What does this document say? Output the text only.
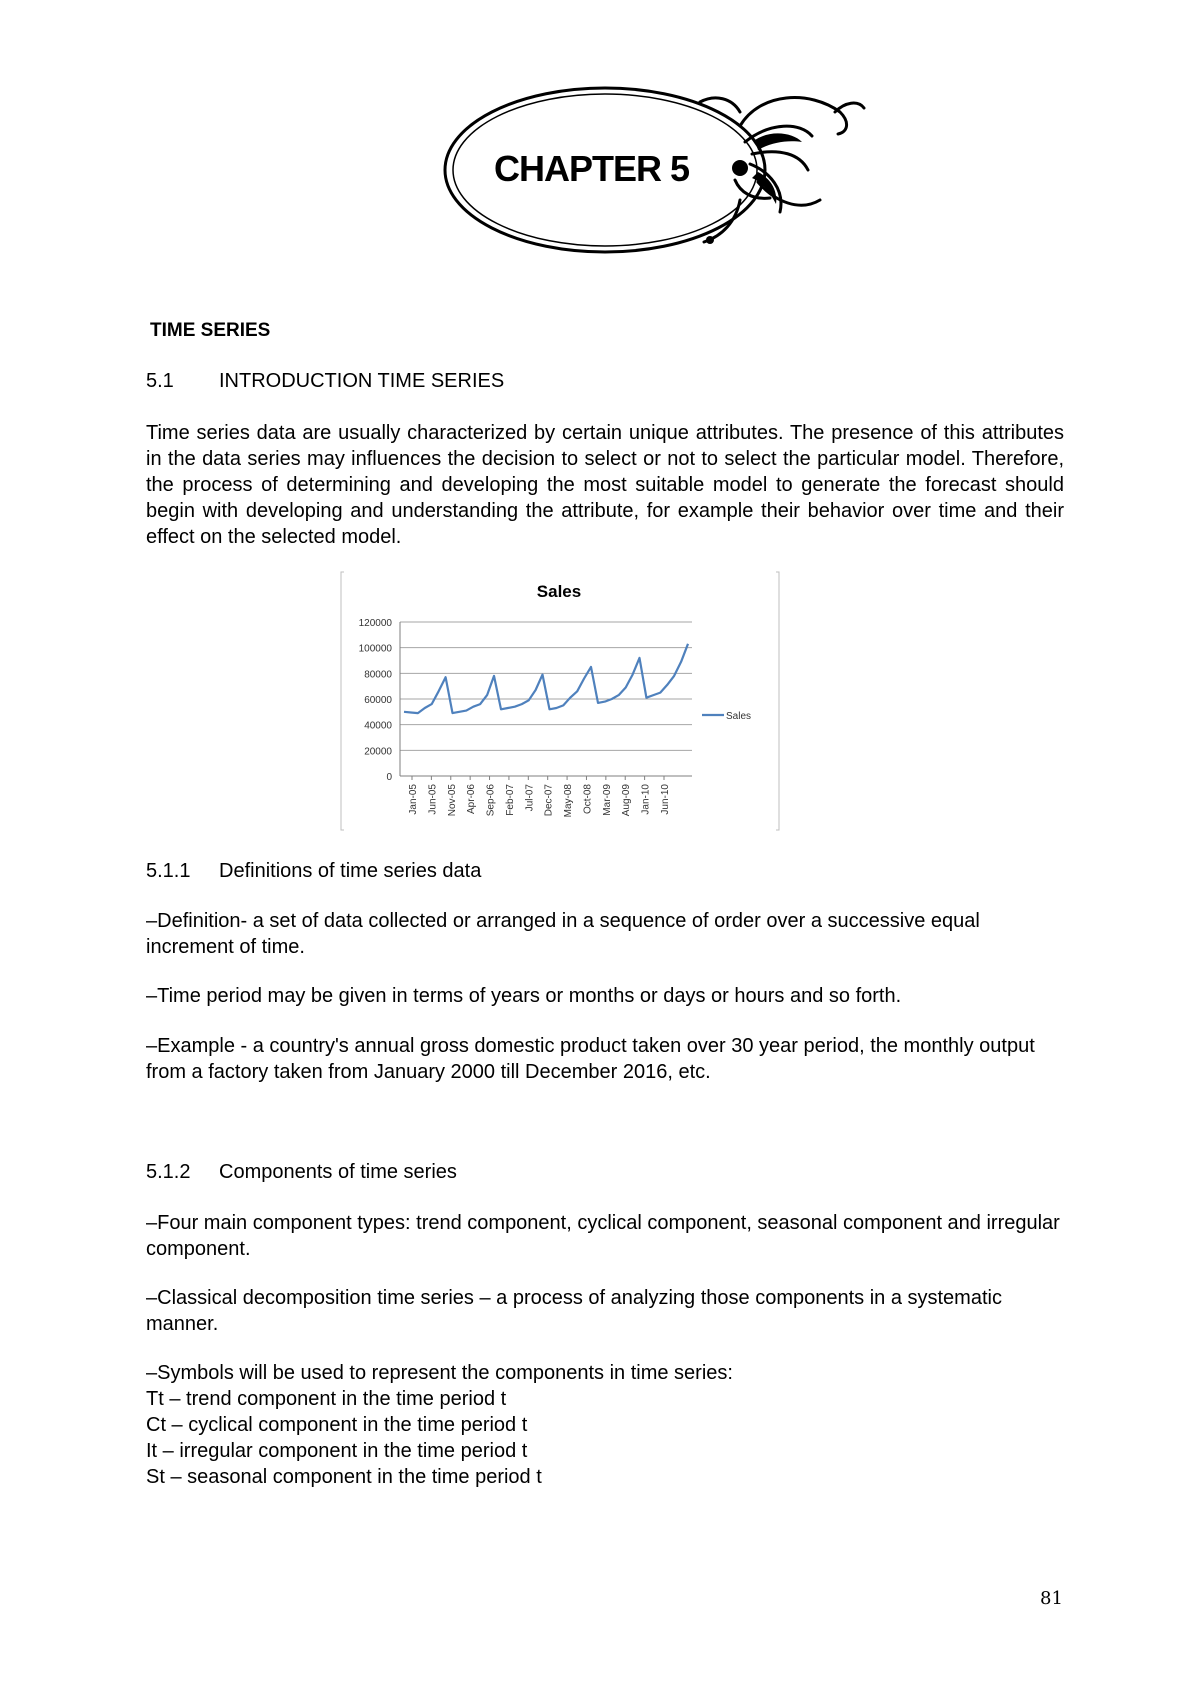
CHAPTER 5
TIME SERIES
5.1	INTRODUCTION TIME SERIES
Time series data are usually characterized by certain unique attributes. The presence of this attributes in the data series may influences the decision to select or not to select the particular model. Therefore, the process of determining and developing the most suitable model to generate the forecast should begin with developing and understanding the attribute, for example their behavior over time and their effect on the selected model.
Sales
0
20000
40000
60000
80000
100000
120000
Jan-05 Jun-05 Nov-05 Apr-06 Sep-06 Feb-07 Jul-07 Dec-07 May-08 Oct-08 Mar-09 Aug-09 Jan-10 Jun-10
Sales
5.1.1	Definitions of time series data
–Definition- a set of data collected or arranged in a sequence of order over a successive equal increment of time.
–Time period may be given in terms of years or months or days or hours and so forth.
–Example - a country's annual gross domestic product taken over 30 year period, the monthly output from a factory taken from January 2000 till December 2016, etc.
5.1.2	Components of time series
–Four main component types: trend component, cyclical component, seasonal component and irregular component.
–Classical decomposition time series – a process of analyzing those components in a systematic manner.
–Symbols will be used to represent the components in time series:
Tt – trend component in the time period t
Ct – cyclical component in the time period t
It – irregular component in the time period t
St – seasonal component in the time period t
81
